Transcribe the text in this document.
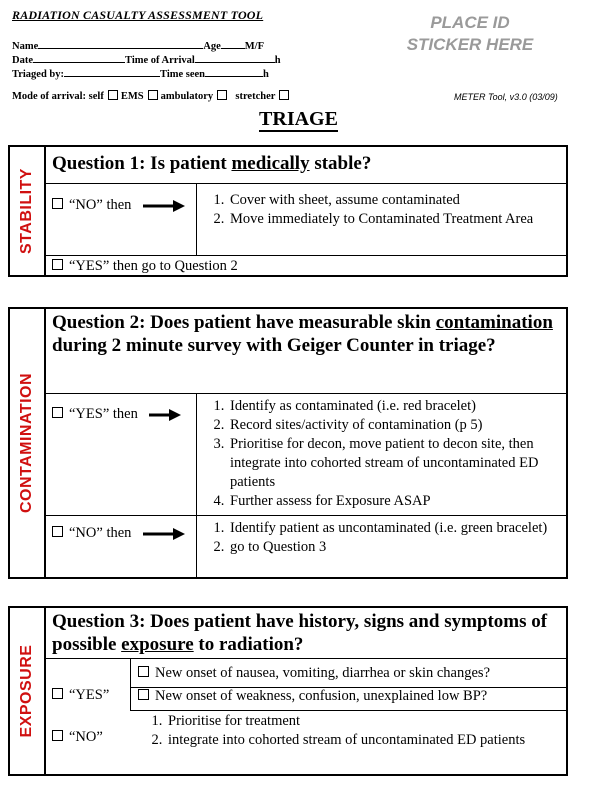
RADIATION CASUALTY ASSESSMENT TOOL	PLACE ID
STICKER HERE
Name	Age M/F
Date	Time of Arrival	h
Triaged by:	Time seen	h
Mode of arrival: self EMS ambulatory stretcher	METER Tool, v3.0 (03/09)
TRIAGE
STABILITY
Question 1: Is patient medically stable?
“NO” then	1. Cover with sheet, assume contaminated
2. Move immediately to Contaminated Treatment Area
“YES” then go to Question 2
CONTAMINATION
Question 2: Does patient have measurable skin contamination during 2 minute survey with Geiger Counter in triage?
“YES” then	1. Identify as contaminated (i.e. red bracelet)
2. Record sites/activity of contamination (p 5)
3. Prioritise for decon, move patient to decon site, then integrate into cohorted stream of uncontaminated ED patients
4. Further assess for Exposure ASAP
“NO” then	1. Identify patient as uncontaminated (i.e. green bracelet)
2. go to Question 3
EXPOSURE
Question 3: Does patient have history, signs and symptoms of possible exposure to radiation?
“YES”
New onset of nausea, vomiting, diarrhea or skin changes?
New onset of weakness, confusion, unexplained low BP?
“NO”
1. Prioritise for treatment
2. integrate into cohorted stream of uncontaminated ED patients
